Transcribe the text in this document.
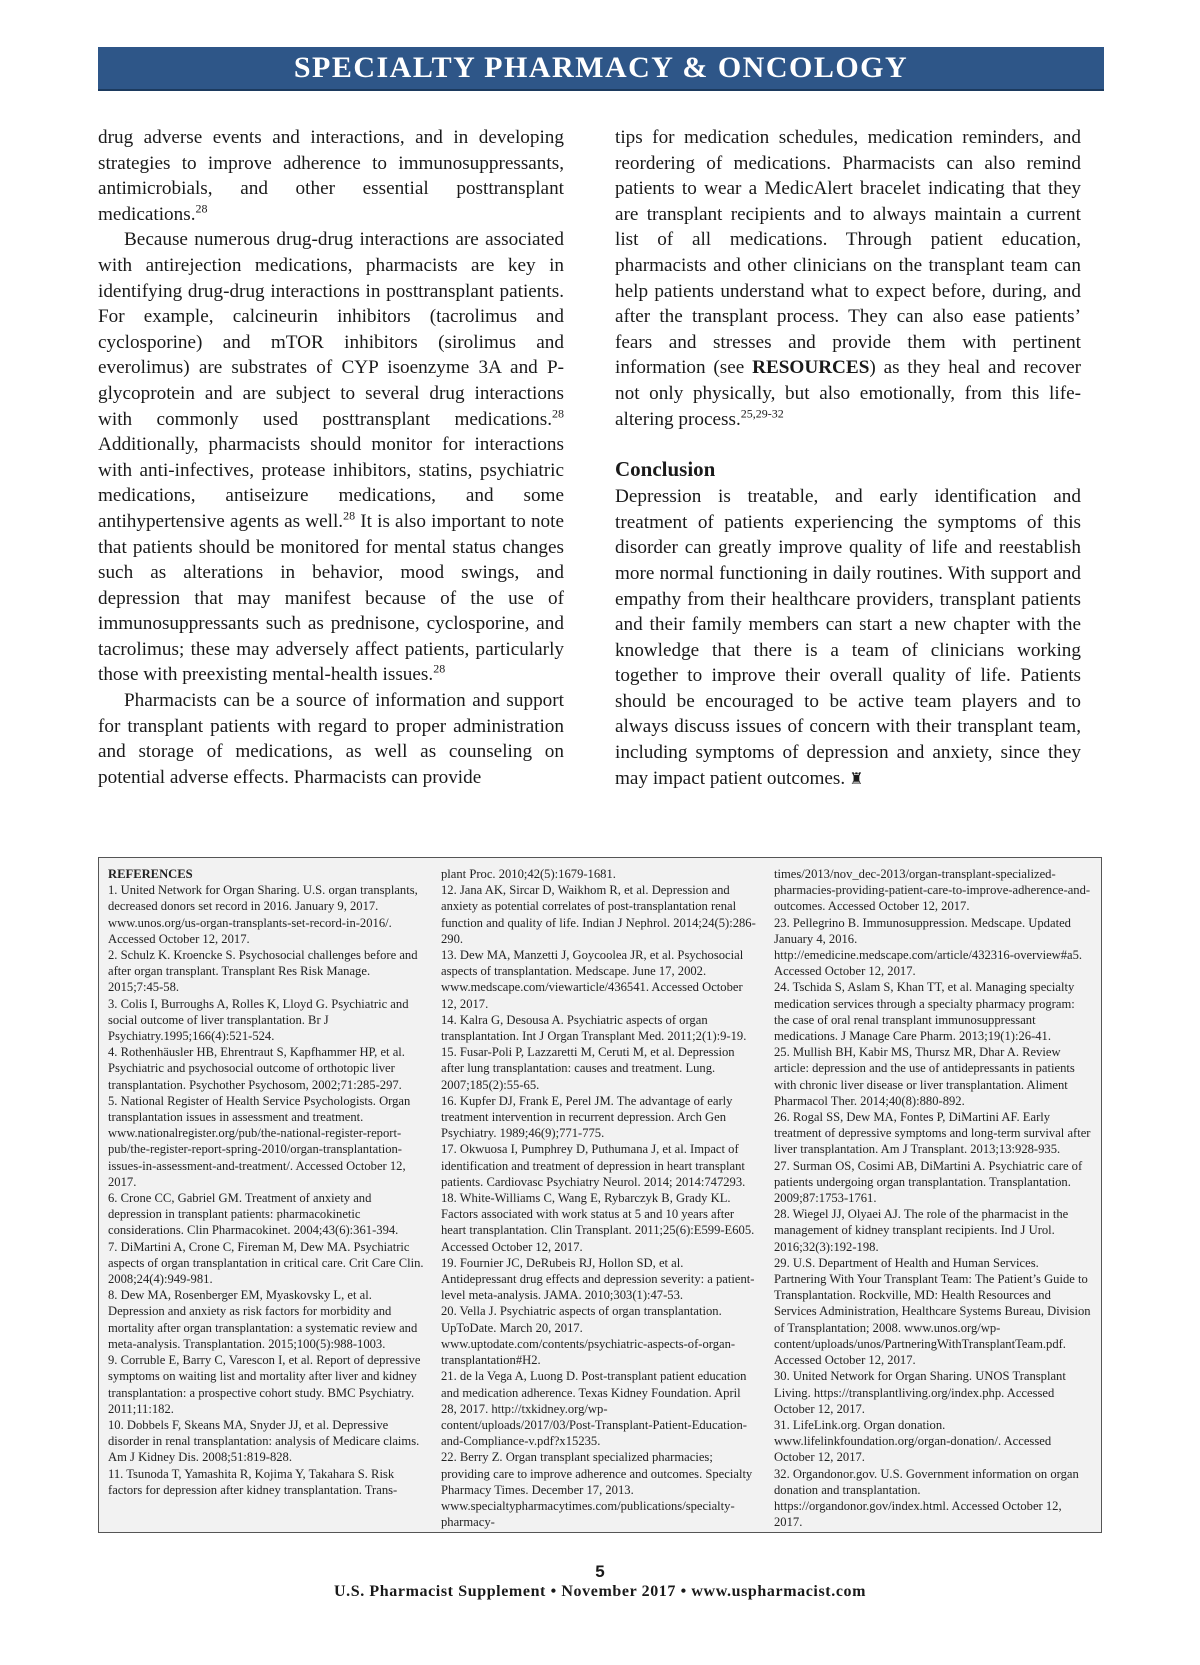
SPECIALTY PHARMACY & ONCOLOGY

drug adverse events and interactions, and in developing strategies to improve adherence to immunosuppressants, antimicrobials, and other essential posttransplant medications.$^{28}$

Because numerous drug-drug interactions are associated with antirejection medications, pharmacists are key in identifying drug-drug interactions in posttransplant patients. For example, calcineurin inhibitors (tacrolimus and cyclosporine) and mTOR inhibitors (sirolimus and everolimus) are substrates of CYP isoenzyme 3A and P-glycoprotein and are subject to several drug interactions with commonly used posttransplant medications.$^{28}$ Additionally, pharmacists should monitor for interactions with anti-infectives, protease inhibitors, statins, psychiatric medications, antiseizure medications, and some antihypertensive agents as well.$^{28}$ It is also important to note that patients should be monitored for mental status changes such as alterations in behavior, mood swings, and depression that may manifest because of the use of immunosuppressants such as prednisone, cyclosporine, and tacrolimus; these may adversely affect patients, particularly those with preexisting mental-health issues.$^{28}$

Pharmacists can be a source of information and support for transplant patients with regard to proper administration and storage of medications, as well as counseling on potential adverse effects. Pharmacists can provide

tips for medication schedules, medication reminders, and reordering of medications. Pharmacists can also remind patients to wear a MedicAlert bracelet indicating that they are transplant recipients and to always maintain a current list of all medications. Through patient education, pharmacists and other clinicians on the transplant team can help patients understand what to expect before, during, and after the transplant process. They can also ease patients’ fears and stresses and provide them with pertinent information (see RESOURCES) as they heal and recover not only physically, but also emotionally, from this life-altering process.$^{25,29-32}$

Conclusion

Depression is treatable, and early identification and treatment of patients experiencing the symptoms of this disorder can greatly improve quality of life and reestablish more normal functioning in daily routines. With support and empathy from their healthcare providers, transplant patients and their family members can start a new chapter with the knowledge that there is a team of clinicians working together to improve their overall quality of life. Patients should be encouraged to be active team players and to always discuss issues of concern with their transplant team, including symptoms of depression and anxiety, since they may impact patient outcomes. ♜

REFERENCES
1. United Network for Organ Sharing. U.S. organ transplants, decreased donors set record in 2016. January 9, 2017. www.unos.org/us-organ-transplants-set-record-in-2016/. Accessed October 12, 2017.
2. Schulz K. Kroencke S. Psychosocial challenges before and after organ transplant. Transplant Res Risk Manage. 2015;7:45-58.
3. Colis I, Burroughs A, Rolles K, Lloyd G. Psychiatric and social outcome of liver transplantation. Br J Psychiatry.1995;166(4):521-524.
4. Rothenhäusler HB, Ehrentraut S, Kapfhammer HP, et al. Psychiatric and psychosocial outcome of orthotopic liver transplantation. Psychother Psychosom, 2002;71:285-297.
5. National Register of Health Service Psychologists. Organ transplantation issues in assessment and treatment. www.nationalregister.org/pub/the-national-register-report-pub/the-register-report-spring-2010/organ-transplantation-issues-in-assessment-and-treatment/. Accessed October 12, 2017.
6. Crone CC, Gabriel GM. Treatment of anxiety and depression in transplant patients: pharmacokinetic considerations. Clin Pharmacokinet. 2004;43(6):361-394.
7. DiMartini A, Crone C, Fireman M, Dew MA. Psychiatric aspects of organ transplantation in critical care. Crit Care Clin. 2008;24(4):949-981.
8. Dew MA, Rosenberger EM, Myaskovsky L, et al. Depression and anxiety as risk factors for morbidity and mortality after organ transplantation: a systematic review and meta-analysis. Transplantation. 2015;100(5):988-1003.
9. Corruble E, Barry C, Varescon I, et al. Report of depressive symptoms on waiting list and mortality after liver and kidney transplantation: a prospective cohort study. BMC Psychiatry. 2011;11:182.
10. Dobbels F, Skeans MA, Snyder JJ, et al. Depressive disorder in renal transplantation: analysis of Medicare claims. Am J Kidney Dis. 2008;51:819-828.
11. Tsunoda T, Yamashita R, Kojima Y, Takahara S. Risk factors for depression after kidney transplantation. Trans-
plant Proc. 2010;42(5):1679-1681.
12. Jana AK, Sircar D, Waikhom R, et al. Depression and anxiety as potential correlates of post-transplantation renal function and quality of life. Indian J Nephrol. 2014;24(5):286-290.
13. Dew MA, Manzetti J, Goycoolea JR, et al. Psychosocial aspects of transplantation. Medscape. June 17, 2002. www.medscape.com/viewarticle/436541. Accessed October 12, 2017.
14. Kalra G, Desousa A. Psychiatric aspects of organ transplantation. Int J Organ Transplant Med. 2011;2(1):9-19.
15. Fusar-Poli P, Lazzaretti M, Ceruti M, et al. Depression after lung transplantation: causes and treatment. Lung. 2007;185(2):55-65.
16. Kupfer DJ, Frank E, Perel JM. The advantage of early treatment intervention in recurrent depression. Arch Gen Psychiatry. 1989;46(9);771-775.
17. Okwuosa I, Pumphrey D, Puthumana J, et al. Impact of identification and treatment of depression in heart transplant patients. Cardiovasc Psychiatry Neurol. 2014; 2014:747293.
18. White-Williams C, Wang E, Rybarczyk B, Grady KL. Factors associated with work status at 5 and 10 years after heart transplantation. Clin Transplant. 2011;25(6):E599-E605. Accessed October 12, 2017.
19. Fournier JC, DeRubeis RJ, Hollon SD, et al. Antidepressant drug effects and depression severity: a patient-level meta-analysis. JAMA. 2010;303(1):47-53.
20. Vella J. Psychiatric aspects of organ transplantation. UpToDate. March 20, 2017. www.uptodate.com/contents/psychiatric-aspects-of-organ-transplantation#H2.
21. de la Vega A, Luong D. Post-transplant patient education and medication adherence. Texas Kidney Foundation. April 28, 2017. http://txkidney.org/wp-content/uploads/2017/03/Post-Transplant-Patient-Education-and-Compliance-v.pdf?x15235.
22. Berry Z. Organ transplant specialized pharmacies; providing care to improve adherence and outcomes. Specialty Pharmacy Times. December 17, 2013. www.specialtypharmacytimes.com/publications/specialty-pharmacy-
times/2013/nov_dec-2013/organ-transplant-specialized-pharmacies-providing-patient-care-to-improve-adherence-and-outcomes. Accessed October 12, 2017.
23. Pellegrino B. Immunosuppression. Medscape. Updated January 4, 2016. http://emedicine.medscape.com/article/432316-overview#a5. Accessed October 12, 2017.
24. Tschida S, Aslam S, Khan TT, et al. Managing specialty medication services through a specialty pharmacy program: the case of oral renal transplant immunosuppressant medications. J Manage Care Pharm. 2013;19(1):26-41.
25. Mullish BH, Kabir MS, Thursz MR, Dhar A. Review article: depression and the use of antidepressants in patients with chronic liver disease or liver transplantation. Aliment Pharmacol Ther. 2014;40(8):880-892.
26. Rogal SS, Dew MA, Fontes P, DiMartini AF. Early treatment of depressive symptoms and long-term survival after liver transplantation. Am J Transplant. 2013;13:928-935.
27. Surman OS, Cosimi AB, DiMartini A. Psychiatric care of patients undergoing organ transplantation. Transplantation. 2009;87:1753-1761.
28. Wiegel JJ, Olyaei AJ. The role of the pharmacist in the management of kidney transplant recipients. Ind J Urol. 2016;32(3):192-198.
29. U.S. Department of Health and Human Services. Partnering With Your Transplant Team: The Patient’s Guide to Transplantation. Rockville, MD: Health Resources and Services Administration, Healthcare Systems Bureau, Division of Transplantation; 2008. www.unos.org/wp-content/uploads/unos/PartneringWithTransplantTeam.pdf. Accessed October 12, 2017.
30. United Network for Organ Sharing. UNOS Transplant Living. https://transplantliving.org/index.php. Accessed October 12, 2017.
31. LifeLink.org. Organ donation. www.lifelinkfoundation.org/organ-donation/. Accessed October 12, 2017.
32. Organdonor.gov. U.S. Government information on organ donation and transplantation. https://organdonor.gov/index.html. Accessed October 12, 2017.
5
U.S. Pharmacist Supplement • November 2017 • www.uspharmacist.com
